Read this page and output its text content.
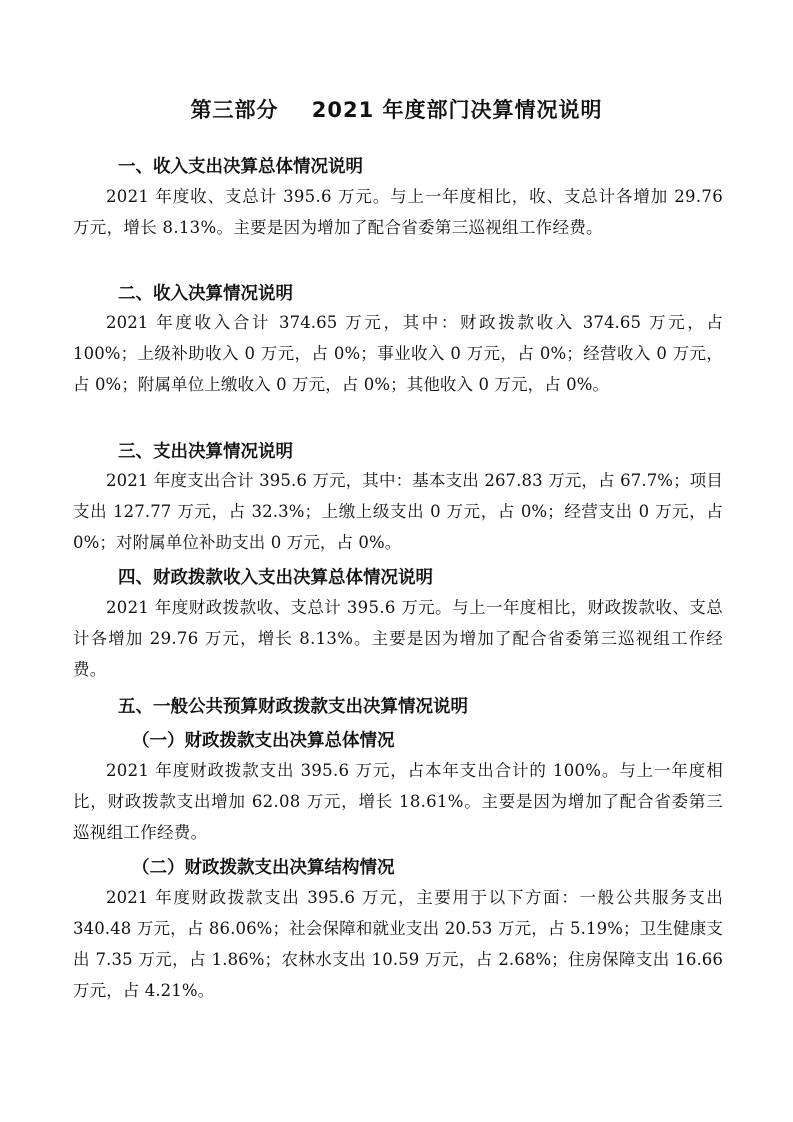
第三部分    2021 年度部门决算情况说明
一、收入支出决算总体情况说明
2021 年度收、支总计 395.6 万元。与上一年度相比，收、支总计各增加 29.76 万元，增长 8.13%。主要是因为增加了配合省委第三巡视组工作经费。
二、收入决算情况说明
2021 年度收入合计 374.65 万元，其中：财政拨款收入 374.65 万元，占 100%；上级补助收入 0 万元，占 0%；事业收入 0 万元，占 0%；经营收入 0 万元，占 0%；附属单位上缴收入 0 万元，占 0%；其他收入 0 万元，占 0%。
三、支出决算情况说明
2021 年度支出合计 395.6 万元，其中：基本支出 267.83 万元，占 67.7%；项目支出 127.77 万元，占 32.3%；上缴上级支出 0 万元，占 0%；经营支出 0 万元，占 0%；对附属单位补助支出 0 万元，占 0%。
四、财政拨款收入支出决算总体情况说明
2021 年度财政拨款收、支总计 395.6 万元。与上一年度相比，财政拨款收、支总计各增加 29.76 万元，增长 8.13%。主要是因为增加了配合省委第三巡视组工作经费。
五、一般公共预算财政拨款支出决算情况说明
（一）财政拨款支出决算总体情况
2021 年度财政拨款支出 395.6 万元，占本年支出合计的 100%。与上一年度相比，财政拨款支出增加 62.08 万元，增长 18.61%。主要是因为增加了配合省委第三巡视组工作经费。
（二）财政拨款支出决算结构情况
2021 年度财政拨款支出 395.6 万元，主要用于以下方面：一般公共服务支出 340.48 万元，占 86.06%；社会保障和就业支出 20.53 万元，占 5.19%；卫生健康支出 7.35 万元，占 1.86%；农林水支出 10.59 万元，占 2.68%；住房保障支出 16.66 万元，占 4.21%。
